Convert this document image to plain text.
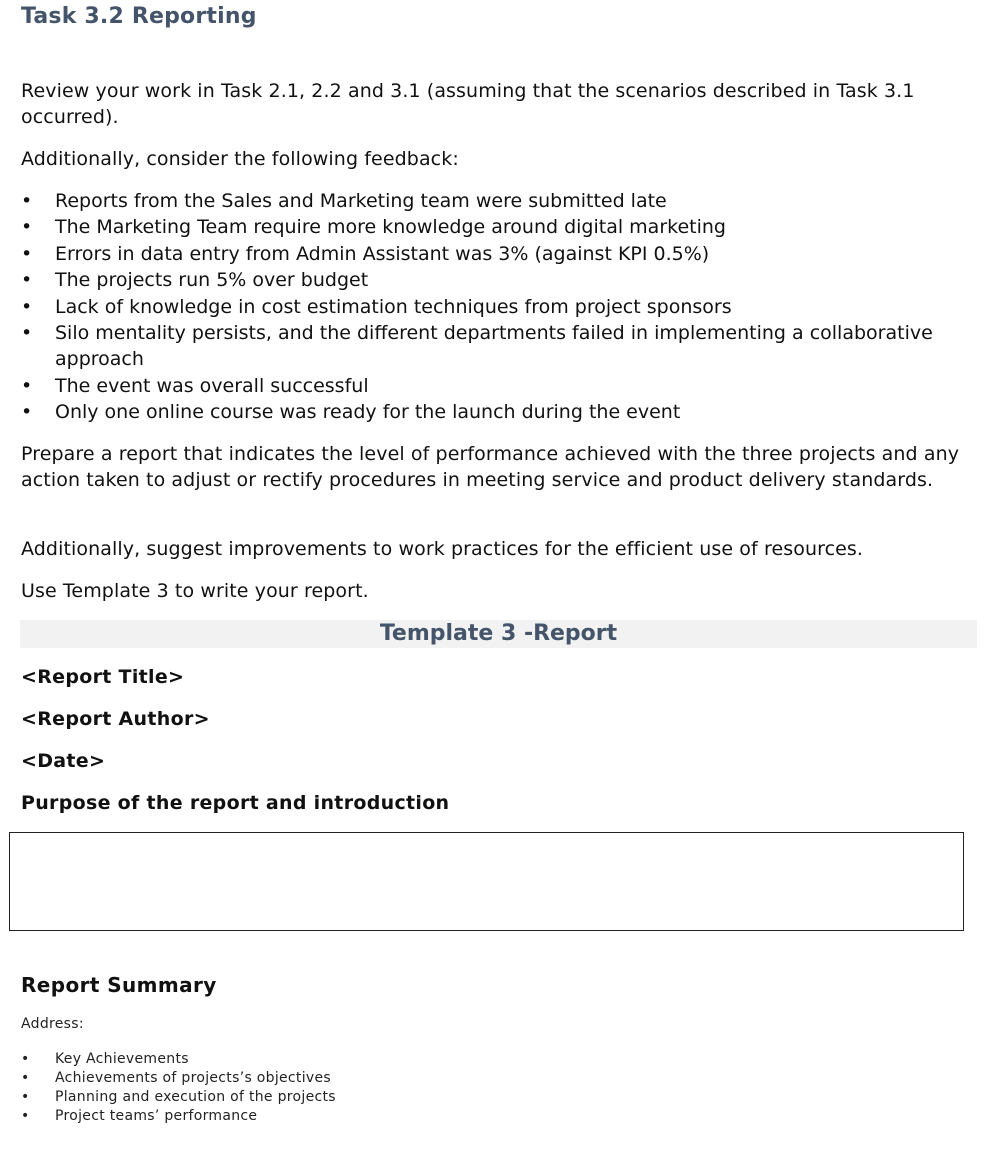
Task 3.2 Reporting

Review your work in Task 2.1, 2.2 and 3.1 (assuming that the scenarios described in Task 3.1 occurred).

Additionally, consider the following feedback:

• Reports from the Sales and Marketing team were submitted late
• The Marketing Team require more knowledge around digital marketing
• Errors in data entry from Admin Assistant was 3% (against KPI 0.5%)
• The projects run 5% over budget
• Lack of knowledge in cost estimation techniques from project sponsors
• Silo mentality persists, and the different departments failed in implementing a collaborative approach
• The event was overall successful
• Only one online course was ready for the launch during the event

Prepare a report that indicates the level of performance achieved with the three projects and any action taken to adjust or rectify procedures in meeting service and product delivery standards.

Additionally, suggest improvements to work practices for the efficient use of resources.

Use Template 3 to write your report.

Template 3 -Report

<Report Title>

<Report Author>

<Date>

Purpose of the report and introduction

Report Summary

Address:

• Key Achievements
• Achievements of projects’s objectives
• Planning and execution of the projects
• Project teams’ performance
